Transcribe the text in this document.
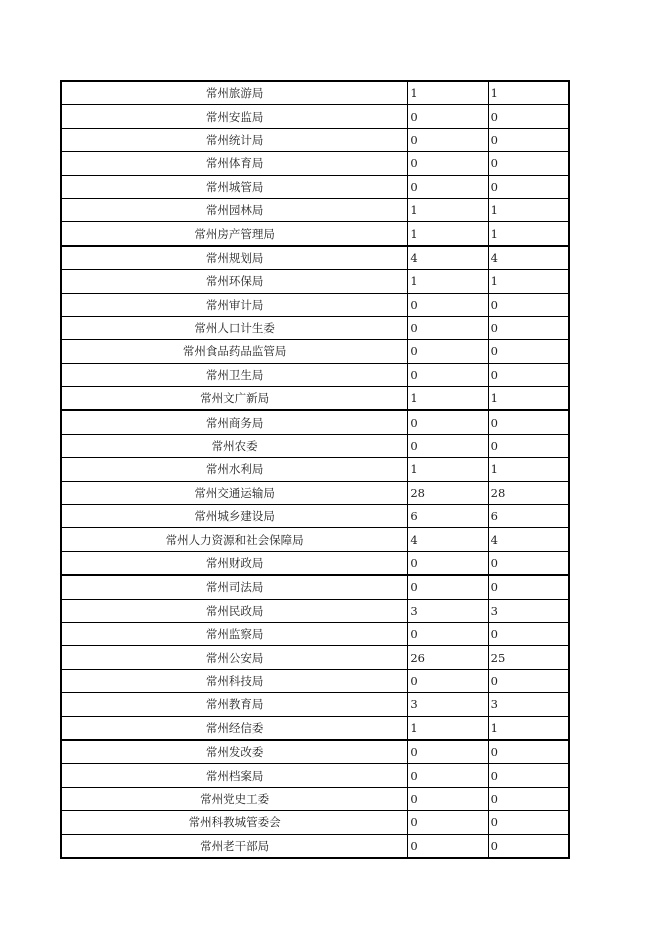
常州旅游局	1	1
常州安监局	0	0
常州统计局	0	0
常州体育局	0	0
常州城管局	0	0
常州园林局	1	1
常州房产管理局	1	1
常州规划局	4	4
常州环保局	1	1
常州审计局	0	0
常州人口计生委	0	0
常州食品药品监管局	0	0
常州卫生局	0	0
常州文广新局	1	1
常州商务局	0	0
常州农委	0	0
常州水利局	1	1
常州交通运输局	28	28
常州城乡建设局	6	6
常州人力资源和社会保障局	4	4
常州财政局	0	0
常州司法局	0	0
常州民政局	3	3
常州监察局	0	0
常州公安局	26	25
常州科技局	0	0
常州教育局	3	3
常州经信委	1	1
常州发改委	0	0
常州档案局	0	0
常州党史工委	0	0
常州科教城管委会	0	0
常州老干部局	0	0
